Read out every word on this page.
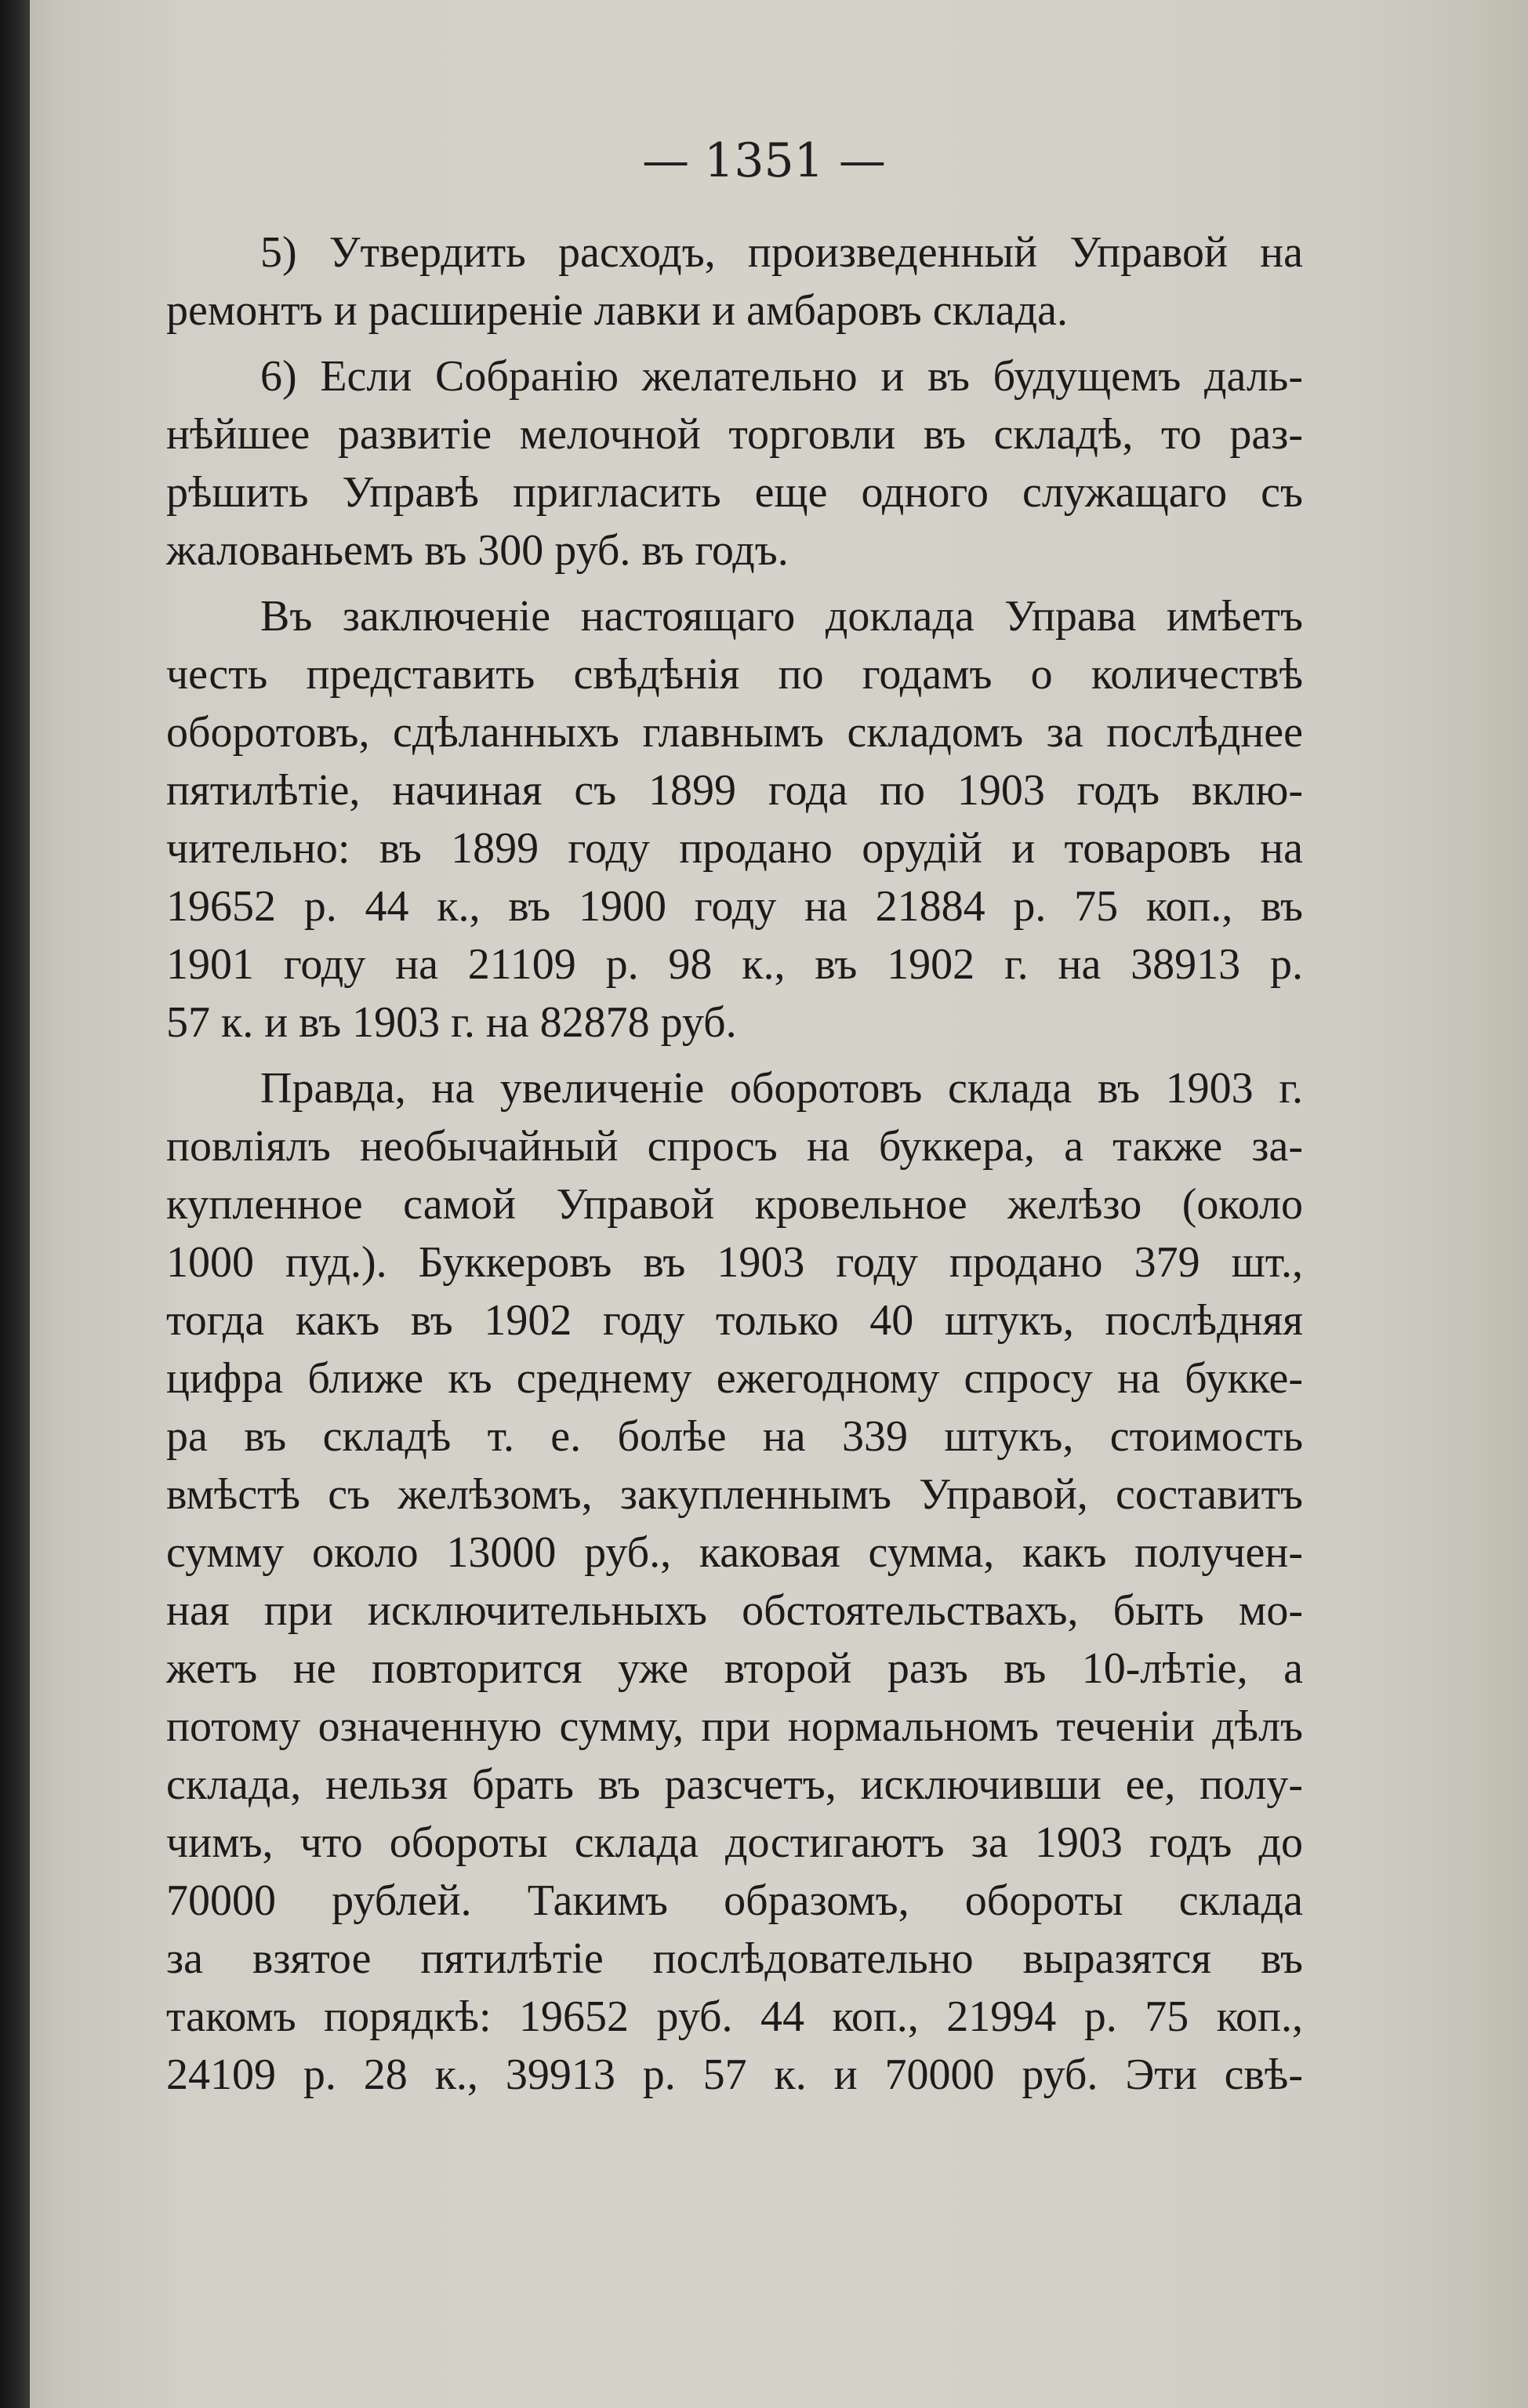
— 1351 —
5) Утвердить расходъ, произведенный Управой на
ремонтъ и расширеніе лавки и амбаровъ склада.
6) Если Собранію желательно и въ будущемъ даль-
нѣйшее развитіе мелочной торговли въ складѣ, то раз-
рѣшить Управѣ пригласить еще одного служащаго съ
жалованьемъ въ 300 руб. въ годъ.
Въ заключеніе настоящаго доклада Управа имѣетъ
честь представить свѣдѣнія по годамъ о количествѣ
оборотовъ, сдѣланныхъ главнымъ складомъ за послѣднее
пятилѣтіе, начиная съ 1899 года по 1903 годъ вклю-
чительно: въ 1899 году продано орудій и товаровъ на
19652 р. 44 к., въ 1900 году на 21884 р. 75 коп., въ
1901 году на 21109 р. 98 к., въ 1902 г. на 38913 р.
57 к. и въ 1903 г. на 82878 руб.
Правда, на увеличеніе оборотовъ склада въ 1903 г.
повліялъ необычайный спросъ на буккера, а также за-
купленное самой Управой кровельное желѣзо (около
1000 пуд.). Буккеровъ въ 1903 году продано 379 шт.,
тогда какъ въ 1902 году только 40 штукъ, послѣдняя
цифра ближе къ среднему ежегодному спросу на букке-
ра въ складѣ т. е. болѣе на 339 штукъ, стоимость
вмѣстѣ съ желѣзомъ, закупленнымъ Управой, составитъ
сумму около 13000 руб., каковая сумма, какъ получен-
ная при исключительныхъ обстоятельствахъ, быть мо-
жетъ не повторится уже второй разъ въ 10-лѣтіе, а
потому означенную сумму, при нормальномъ теченіи дѣлъ
склада, нельзя брать въ разсчетъ, исключивши ее, полу-
чимъ, что обороты склада достигаютъ за 1903 годъ до
70000 рублей. Такимъ образомъ, обороты склада
за взятое пятилѣтіе послѣдовательно выразятся въ
такомъ порядкѣ: 19652 руб. 44 коп., 21994 р. 75 коп.,
24109 р. 28 к., 39913 р. 57 к. и 70000 руб. Эти свѣ-
